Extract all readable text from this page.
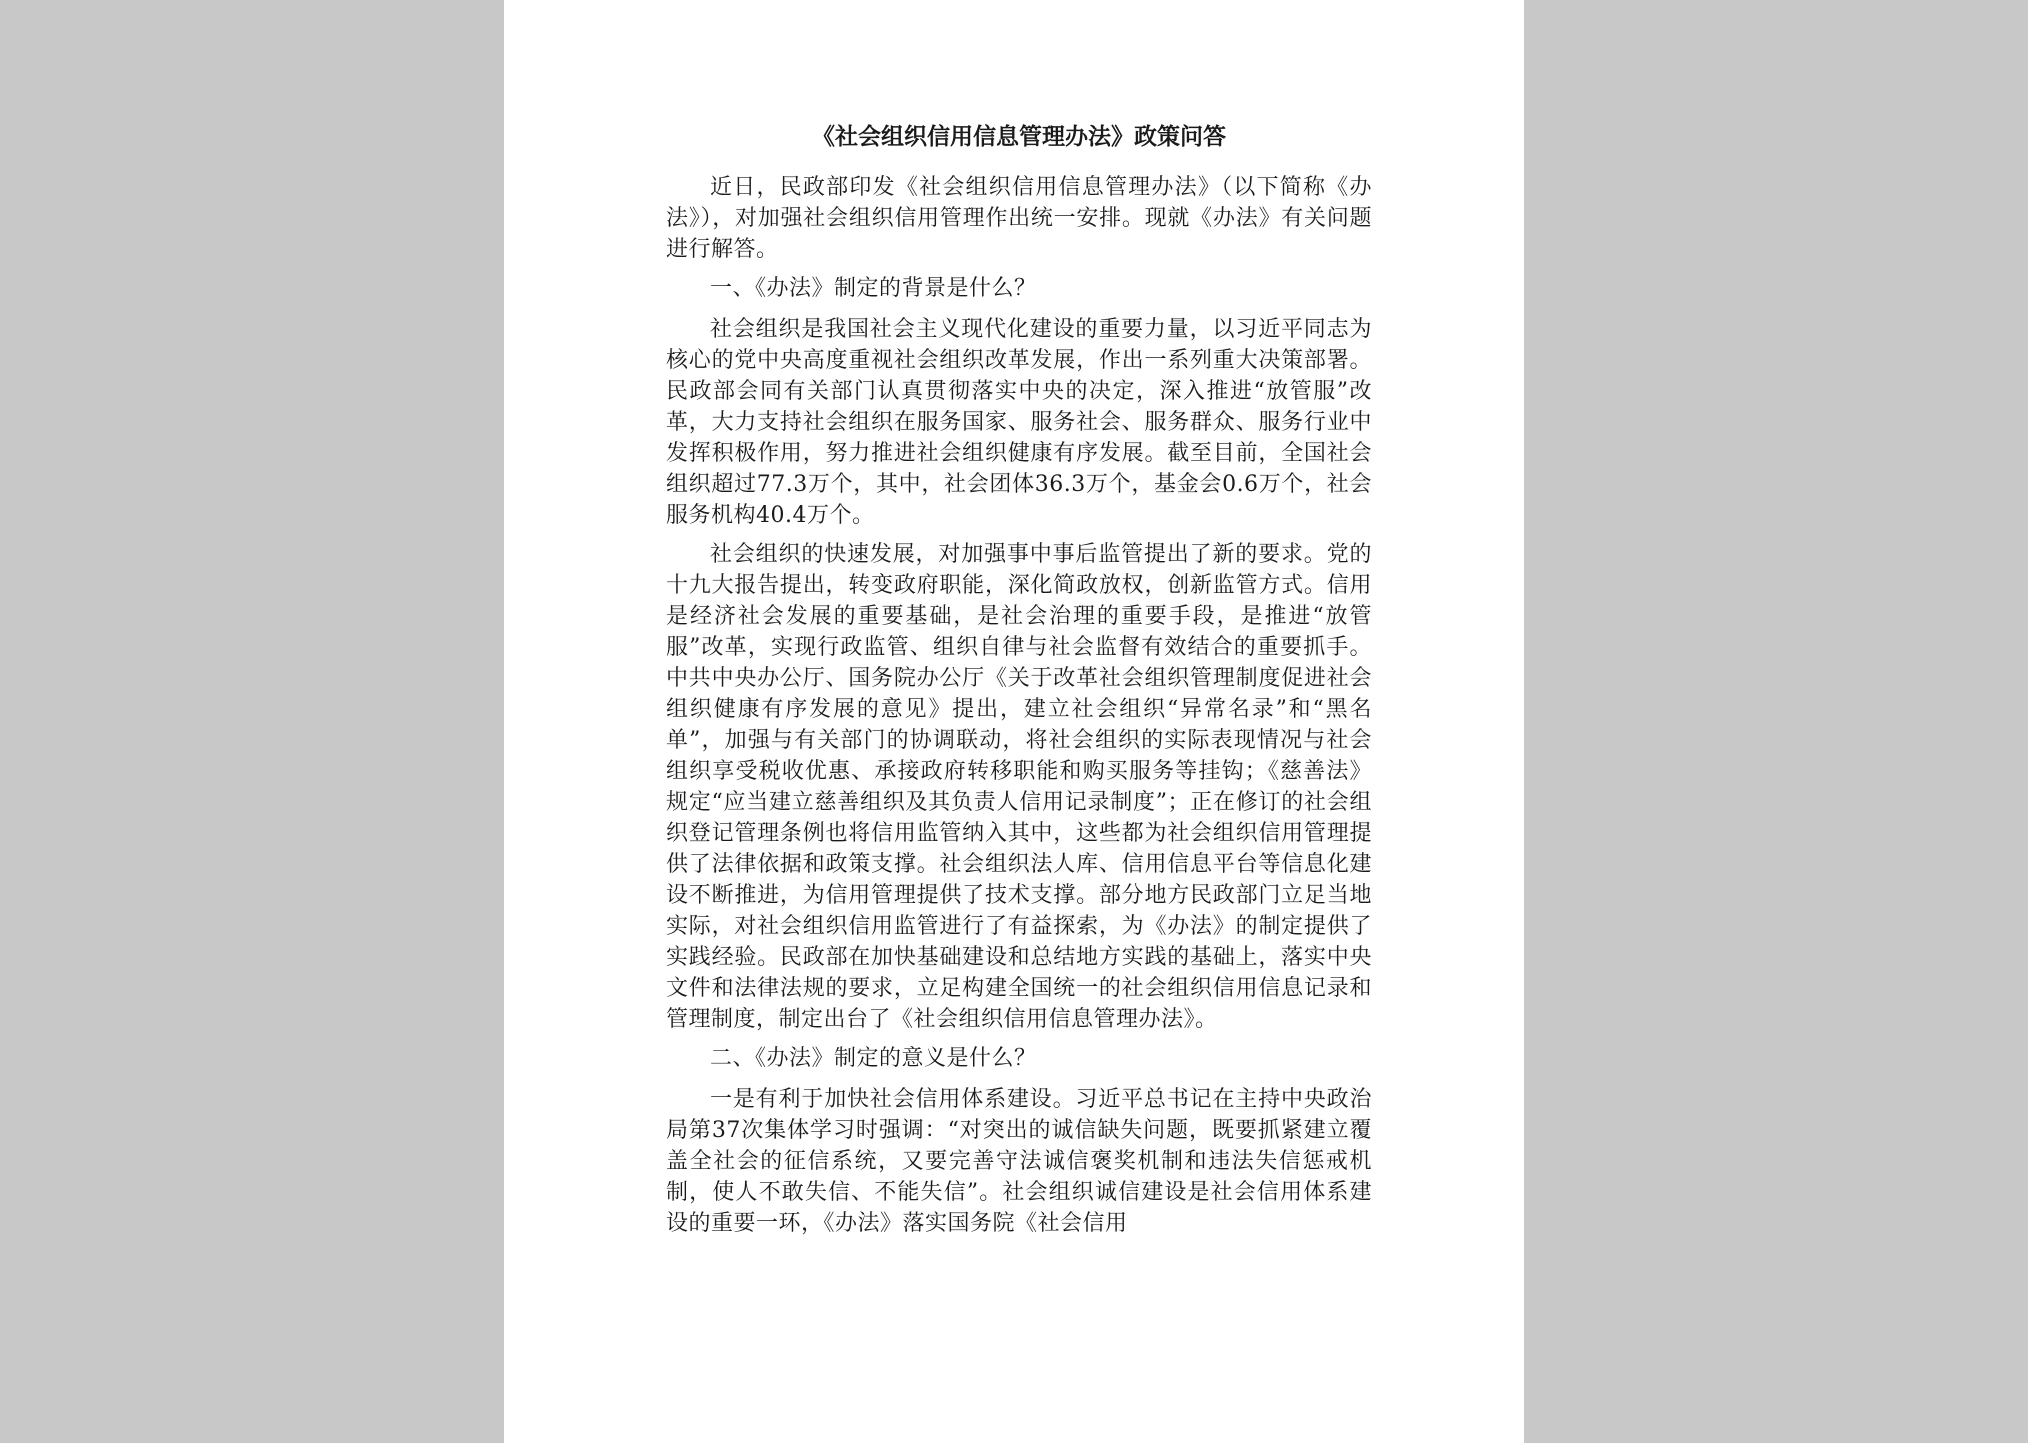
《社会组织信用信息管理办法》政策问答

近日，民政部印发《社会组织信用信息管理办法》（以下简称《办法》），对加强社会组织信用管理作出统一安排。现就《办法》有关问题进行解答。

一、《办法》制定的背景是什么？

社会组织是我国社会主义现代化建设的重要力量，以习近平同志为核心的党中央高度重视社会组织改革发展，作出一系列重大决策部署。民政部会同有关部门认真贯彻落实中央的决定，深入推进“放管服”改革，大力支持社会组织在服务国家、服务社会、服务群众、服务行业中发挥积极作用，努力推进社会组织健康有序发展。截至目前，全国社会组织超过77.3万个，其中，社会团体36.3万个，基金会0.6万个，社会服务机构40.4万个。

社会组织的快速发展，对加强事中事后监管提出了新的要求。党的十九大报告提出，转变政府职能，深化简政放权，创新监管方式。信用是经济社会发展的重要基础，是社会治理的重要手段，是推进“放管服”改革，实现行政监管、组织自律与社会监督有效结合的重要抓手。中共中央办公厅、国务院办公厅《关于改革社会组织管理制度促进社会组织健康有序发展的意见》提出，建立社会组织“异常名录”和“黑名单”，加强与有关部门的协调联动，将社会组织的实际表现情况与社会组织享受税收优惠、承接政府转移职能和购买服务等挂钩；《慈善法》规定“应当建立慈善组织及其负责人信用记录制度”；正在修订的社会组织登记管理条例也将信用监管纳入其中，这些都为社会组织信用管理提供了法律依据和政策支撑。社会组织法人库、信用信息平台等信息化建设不断推进，为信用管理提供了技术支撑。部分地方民政部门立足当地实际，对社会组织信用监管进行了有益探索，为《办法》的制定提供了实践经验。民政部在加快基础建设和总结地方实践的基础上，落实中央文件和法律法规的要求，立足构建全国统一的社会组织信用信息记录和管理制度，制定出台了《社会组织信用信息管理办法》。

二、《办法》制定的意义是什么？

一是有利于加快社会信用体系建设。习近平总书记在主持中央政治局第37次集体学习时强调：“对突出的诚信缺失问题，既要抓紧建立覆盖全社会的征信系统，又要完善守法诚信褒奖机制和违法失信惩戒机制，使人不敢失信、不能失信”。社会组织诚信建设是社会信用体系建设的重要一环，《办法》落实国务院《社会信用
